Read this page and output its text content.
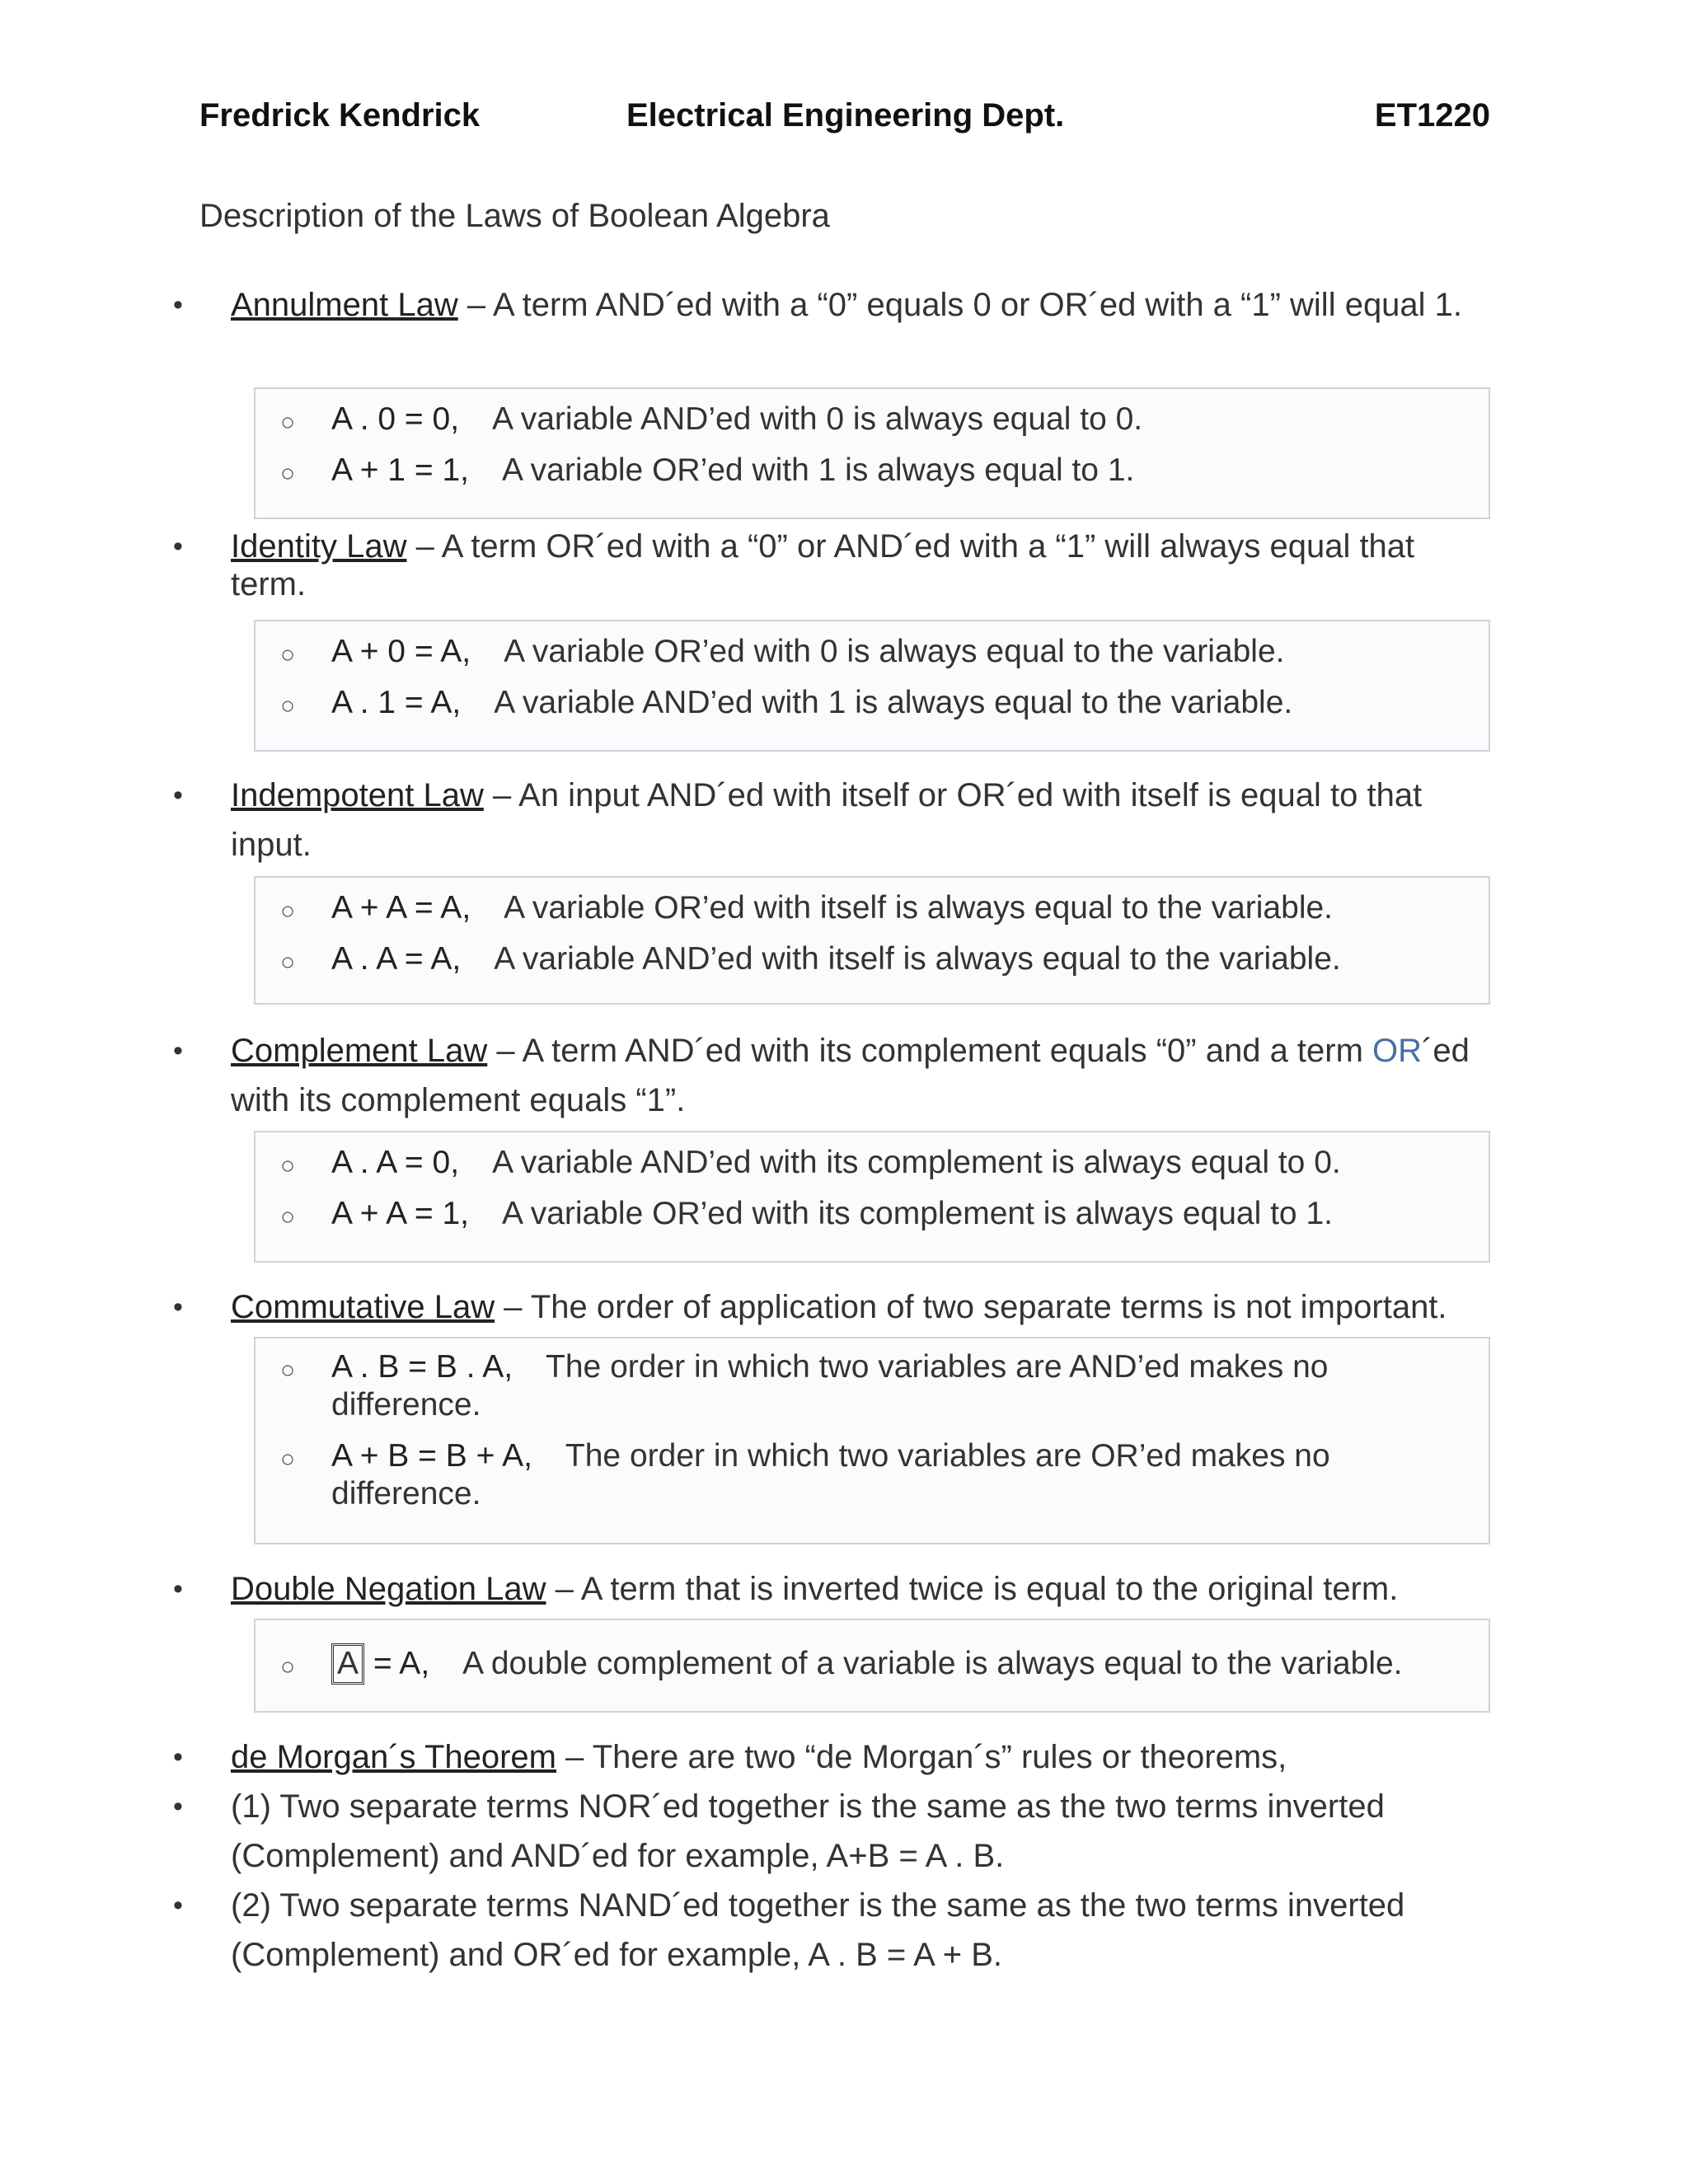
Fredrick Kendrick	Electrical Engineering Dept.	ET1220
Description of the Laws of Boolean Algebra
• Annulment Law – A term AND´ed with a “0” equals 0 or OR´ed with a “1” will equal 1.
○ A . 0 = 0, A variable AND’ed with 0 is always equal to 0.
○ A + 1 = 1, A variable OR’ed with 1 is always equal to 1.
• Identity Law – A term OR´ed with a “0” or AND´ed with a “1” will always equal that term.
○ A + 0 = A, A variable OR’ed with 0 is always equal to the variable.
○ A . 1 = A, A variable AND’ed with 1 is always equal to the variable.
• Indempotent Law – An input AND´ed with itself or OR´ed with itself is equal to that input.
○ A + A = A, A variable OR’ed with itself is always equal to the variable.
○ A . A = A, A variable AND’ed with itself is always equal to the variable.
• Complement Law – A term AND´ed with its complement equals “0” and a term OR´ed with its complement equals “1”.
○ A . A = 0, A variable AND’ed with its complement is always equal to 0.
○ A + A = 1, A variable OR’ed with its complement is always equal to 1.
• Commutative Law – The order of application of two separate terms is not important.
○ A . B = B . A, The order in which two variables are AND’ed makes no difference.
○ A + B = B + A, The order in which two variables are OR’ed makes no difference.
• Double Negation Law – A term that is inverted twice is equal to the original term.
○ A = A, A double complement of a variable is always equal to the variable.
• de Morgan´s Theorem – There are two “de Morgan´s” rules or theorems,
• (1) Two separate terms NOR´ed together is the same as the two terms inverted (Complement) and AND´ed for example, A+B = A . B.
• (2) Two separate terms NAND´ed together is the same as the two terms inverted (Complement) and OR´ed for example, A . B = A + B.
